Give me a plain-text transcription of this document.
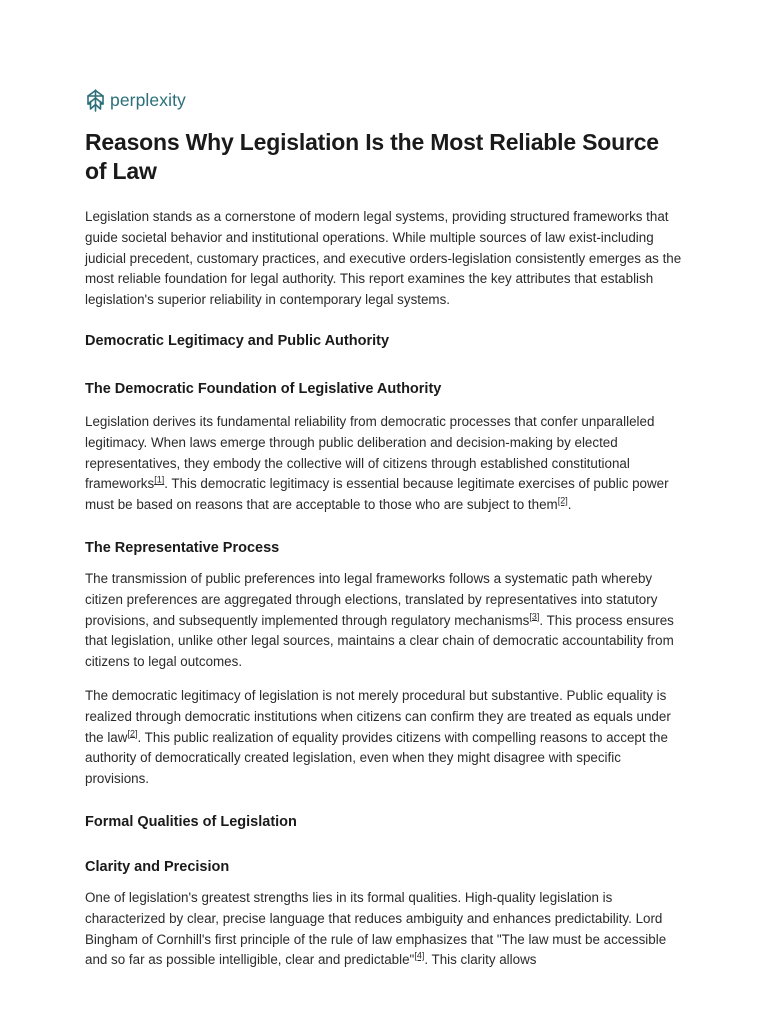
perplexity
Reasons Why Legislation Is the Most Reliable Source of Law

Legislation stands as a cornerstone of modern legal systems, providing structured frameworks that guide societal behavior and institutional operations. While multiple sources of law exist-including judicial precedent, customary practices, and executive orders-legislation consistently emerges as the most reliable foundation for legal authority. This report examines the key attributes that establish legislation's superior reliability in contemporary legal systems.

Democratic Legitimacy and Public Authority
The Democratic Foundation of Legislative Authority

Legislation derives its fundamental reliability from democratic processes that confer unparalleled legitimacy. When laws emerge through public deliberation and decision-making by elected representatives, they embody the collective will of citizens through established constitutional frameworks[1]. This democratic legitimacy is essential because legitimate exercises of public power must be based on reasons that are acceptable to those who are subject to them[2].

The Representative Process

The transmission of public preferences into legal frameworks follows a systematic path whereby citizen preferences are aggregated through elections, translated by representatives into statutory provisions, and subsequently implemented through regulatory mechanisms[3]. This process ensures that legislation, unlike other legal sources, maintains a clear chain of democratic accountability from citizens to legal outcomes.

The democratic legitimacy of legislation is not merely procedural but substantive. Public equality is realized through democratic institutions when citizens can confirm they are treated as equals under the law[2]. This public realization of equality provides citizens with compelling reasons to accept the authority of democratically created legislation, even when they might disagree with specific provisions.

Formal Qualities of Legislation
Clarity and Precision

One of legislation's greatest strengths lies in its formal qualities. High-quality legislation is characterized by clear, precise language that reduces ambiguity and enhances predictability. Lord Bingham of Cornhill's first principle of the rule of law emphasizes that "The law must be accessible and so far as possible intelligible, clear and predictable"[4]. This clarity allows
